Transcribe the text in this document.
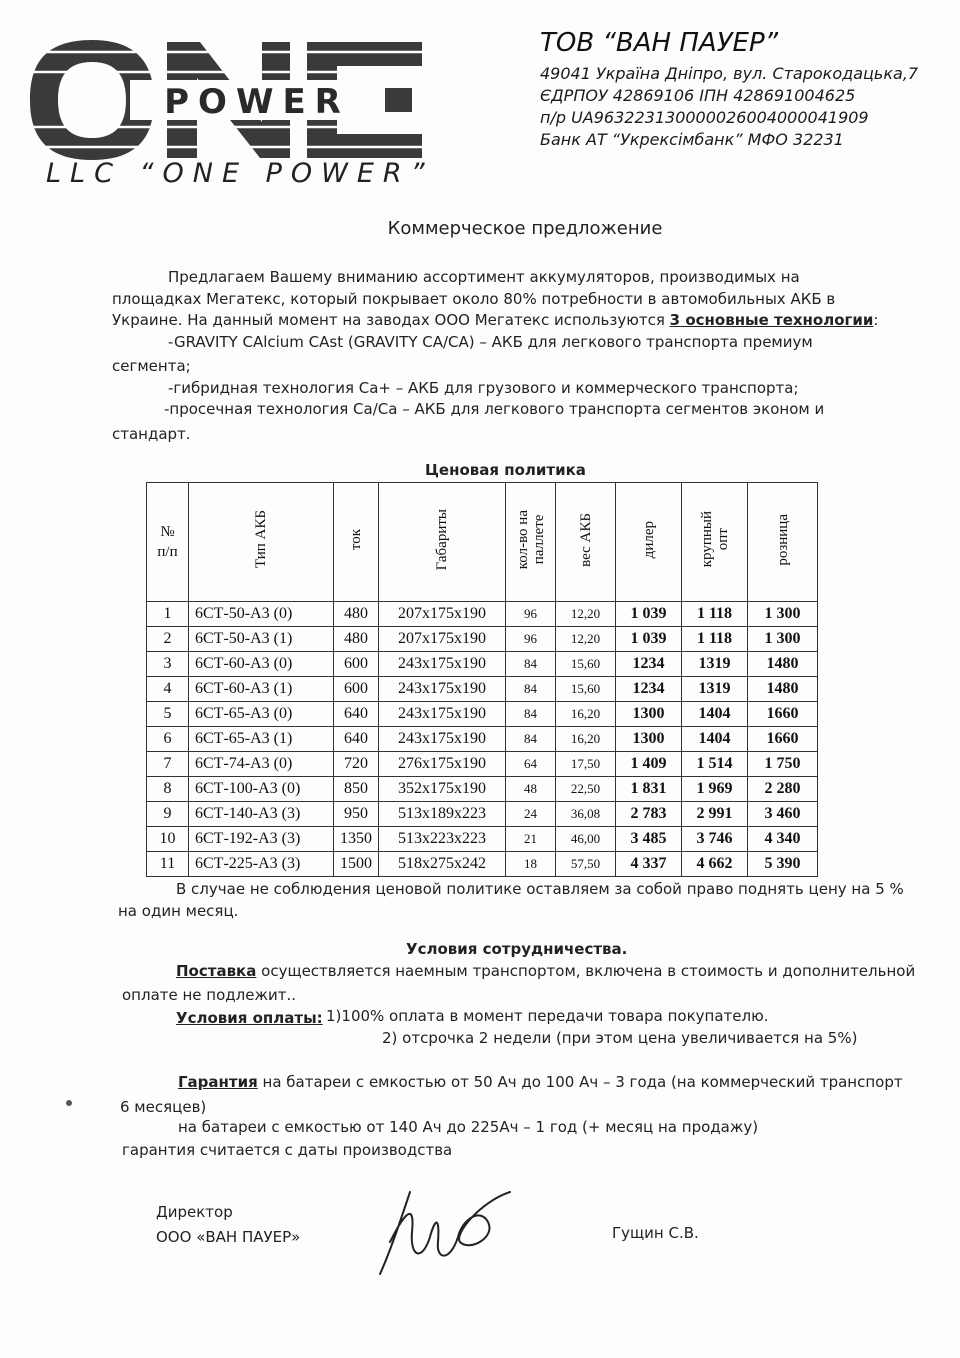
POWER
LLC “ONE POWER”
ТОВ “ВАН ПАУЕР”
49041 Україна Дніпро, вул. Старокодацька,7
ЄДРПОУ 42869106 ІПН 428691004625
п/р UA963223130000026004000041909
Банк АТ “Укрексімбанк” МФО 32231
Коммерческое предложение
Предлагаем Вашему вниманию ассортимент аккумуляторов, производимых на
площадках Мегатекс, который покрывает около 80% потребности в автомобильных АКБ в
Украине. На данный момент на заводах ООО Мегатекс используются 3 основные технологии:
-GRAVITY CAlcium CAst (GRAVITY CA/CA) – АКБ для легкового транспорта премиум
сегмента;
-гибридная технология Ca+ – АКБ для грузового и коммерческого транспорта;
-просечная технология Ca/Ca – АКБ для легкового транспорта сегментов эконом и
стандарт.
Ценовая политика
№ п/п	Тип АКБ	ток	Габариты	кол-во на
паллете	вес АКБ	дилер	крупный
опт	розница
1	6СТ-50-А3 (0)	480	207x175x190	96	12,20	1 039	1 118	1 300
2	6СТ-50-А3 (1)	480	207x175x190	96	12,20	1 039	1 118	1 300
3	6СТ-60-А3 (0)	600	243x175x190	84	15,60	1234	1319	1480
4	6СТ-60-А3 (1)	600	243x175x190	84	15,60	1234	1319	1480
5	6СТ-65-А3 (0)	640	243x175x190	84	16,20	1300	1404	1660
6	6СТ-65-А3 (1)	640	243x175x190	84	16,20	1300	1404	1660
7	6СТ-74-А3 (0)	720	276x175x190	64	17,50	1 409	1 514	1 750
8	6СТ-100-А3 (0)	850	352x175x190	48	22,50	1 831	1 969	2 280
9	6СТ-140-А3 (3)	950	513x189x223	24	36,08	2 783	2 991	3 460
10	6СТ-192-А3 (3)	1350	513x223x223	21	46,00	3 485	3 746	4 340
11	6СТ-225-А3 (3)	1500	518x275x242	18	57,50	4 337	4 662	5 390
В случае не соблюдения ценовой политике оставляем за собой право поднять цену на 5 %
на один месяц.
Условия сотрудничества.
Поставка осуществляется наемным транспортом, включена в стоимость и дополнительной
оплате не подлежит..
Условия оплаты: 1)100% оплата в момент передачи товара покупателю.
2) отсрочка 2 недели (при этом цена увеличивается на 5%)
Гарантия на батареи с емкостью от 50 Ач до 100 Ач – 3 года (на коммерческий транспорт
6 месяцев)
на батареи с емкостью от 140 Ач до 225Ач – 1 год (+ месяц на продажу)
гарантия считается с даты производства
Директор
ООО «ВАН ПАУЕР»	Гущин С.В.
